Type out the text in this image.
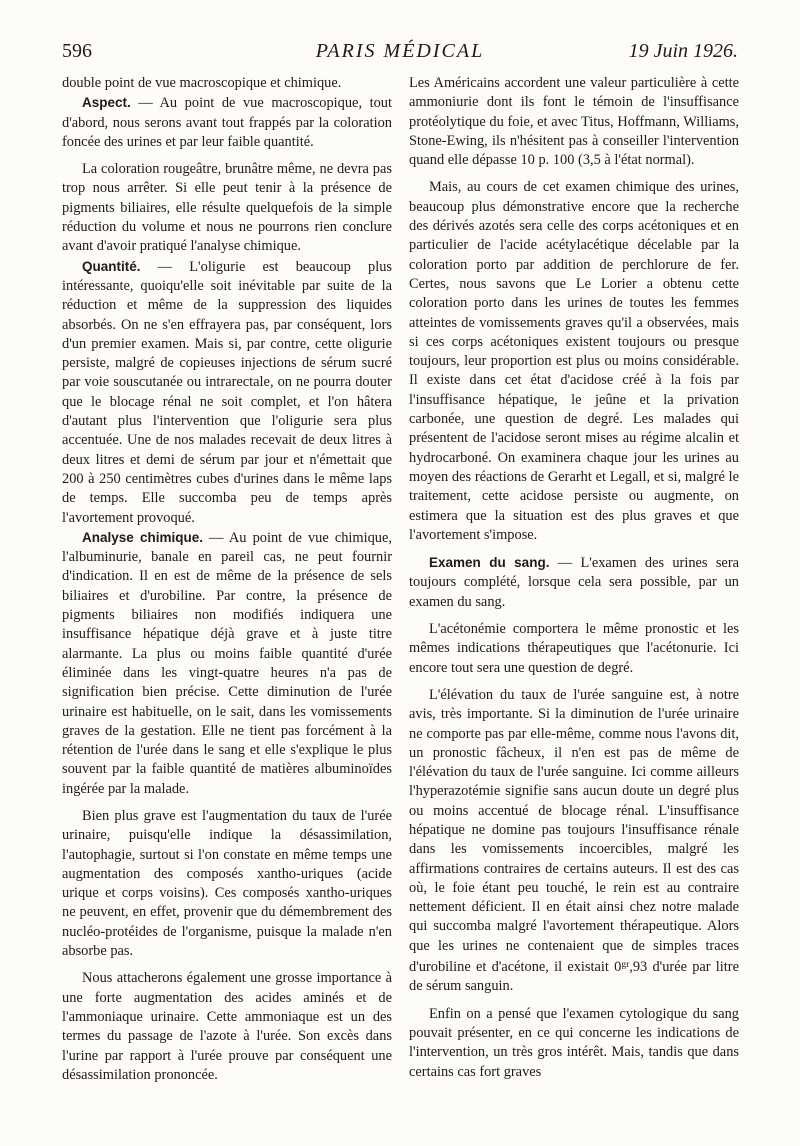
596	PARIS MÉDICAL	19 Juin 1926.

double point de vue macroscopique et chimique.

Aspect. — Au point de vue macroscopique, tout d'abord, nous serons avant tout frappés par la coloration foncée des urines et par leur faible quantité.

La coloration rougeâtre, brunâtre même, ne devra pas trop nous arrêter. Si elle peut tenir à la présence de pigments biliaires, elle résulte quelquefois de la simple réduction du volume et nous ne pourrons rien conclure avant d'avoir pratiqué l'analyse chimique.

Quantité. — L'oligurie est beaucoup plus intéressante, quoiqu'elle soit inévitable par suite de la réduction et même de la suppression des liquides absorbés. On ne s'en effrayera pas, par conséquent, lors d'un premier examen. Mais si, par contre, cette oligurie persiste, malgré de copieuses injections de sérum sucré par voie souscutanée ou intrarectale, on ne pourra douter que le blocage rénal ne soit complet, et l'on hâtera d'autant plus l'intervention que l'oligurie sera plus accentuée. Une de nos malades recevait de deux litres à deux litres et demi de sérum par jour et n'émettait que 200 à 250 centimètres cubes d'urines dans le même laps de temps. Elle succomba peu de temps après l'avortement provoqué.

Analyse chimique. — Au point de vue chimique, l'albuminurie, banale en pareil cas, ne peut fournir d'indication. Il en est de même de la présence de sels biliaires et d'urobiline. Par contre, la présence de pigments biliaires non modifiés indiquera une insuffisance hépatique déjà grave et à juste titre alarmante. La plus ou moins faible quantité d'urée éliminée dans les vingt-quatre heures n'a pas de signification bien précise. Cette diminution de l'urée urinaire est habituelle, on le sait, dans les vomissements graves de la gestation. Elle ne tient pas forcément à la rétention de l'urée dans le sang et elle s'explique le plus souvent par la faible quantité de matières albuminoïdes ingérée par la malade.

Bien plus grave est l'augmentation du taux de l'urée urinaire, puisqu'elle indique la désassimilation, l'autophagie, surtout si l'on constate en même temps une augmentation des composés xantho-uriques (acide urique et corps voisins). Ces composés xantho-uriques ne peuvent, en effet, provenir que du démembrement des nucléo-protéides de l'organisme, puisque la malade n'en absorbe pas.

Nous attacherons également une grosse importance à une forte augmentation des acides aminés et de l'ammoniaque urinaire. Cette ammoniaque est un des termes du passage de l'azote à l'urée. Son excès dans l'urine par rapport à l'urée prouve par conséquent une désassimilation prononcée.

Les Américains accordent une valeur particulière à cette ammoniurie dont ils font le témoin de l'insuffisance protéolytique du foie, et avec Titus, Hoffmann, Williams, Stone-Ewing, ils n'hésitent pas à conseiller l'intervention quand elle dépasse 10 p. 100 (3,5 à l'état normal).

Mais, au cours de cet examen chimique des urines, beaucoup plus démonstrative encore que la recherche des dérivés azotés sera celle des corps acétoniques et en particulier de l'acide acétylacétique décelable par la coloration porto par addition de perchlorure de fer. Certes, nous savons que Le Lorier a obtenu cette coloration porto dans les urines de toutes les femmes atteintes de vomissements graves qu'il a observées, mais si ces corps acétoniques existent toujours ou presque toujours, leur proportion est plus ou moins considérable. Il existe dans cet état d'acidose créé à la fois par l'insuffisance hépatique, le jeûne et la privation carbonée, une question de degré. Les malades qui présentent de l'acidose seront mises au régime alcalin et hydrocarboné. On examinera chaque jour les urines au moyen des réactions de Gerarht et Legall, et si, malgré le traitement, cette acidose persiste ou augmente, on estimera que la situation est des plus graves et que l'avortement s'impose.

Examen du sang. — L'examen des urines sera toujours complété, lorsque cela sera possible, par un examen du sang.

L'acétonémie comportera le même pronostic et les mêmes indications thérapeutiques que l'acétonurie. Ici encore tout sera une question de degré.

L'élévation du taux de l'urée sanguine est, à notre avis, très importante. Si la diminution de l'urée urinaire ne comporte pas par elle-même, comme nous l'avons dit, un pronostic fâcheux, il n'en est pas de même de l'élévation du taux de l'urée sanguine. Ici comme ailleurs l'hyperazotémie signifie sans aucun doute un degré plus ou moins accentué de blocage rénal. L'insuffisance hépatique ne domine pas toujours l'insuffisance rénale dans les vomissements incoercibles, malgré les affirmations contraires de certains auteurs. Il est des cas où, le foie étant peu touché, le rein est au contraire nettement déficient. Il en était ainsi chez notre malade qui succomba malgré l'avortement thérapeutique. Alors que les urines ne contenaient que de simples traces d'urobiline et d'acétone, il existait $0^{gr},93$ d'urée par litre de sérum sanguin.

Enfin on a pensé que l'examen cytologique du sang pouvait présenter, en ce qui concerne les indications de l'intervention, un très gros intérêt. Mais, tandis que dans certains cas fort graves
